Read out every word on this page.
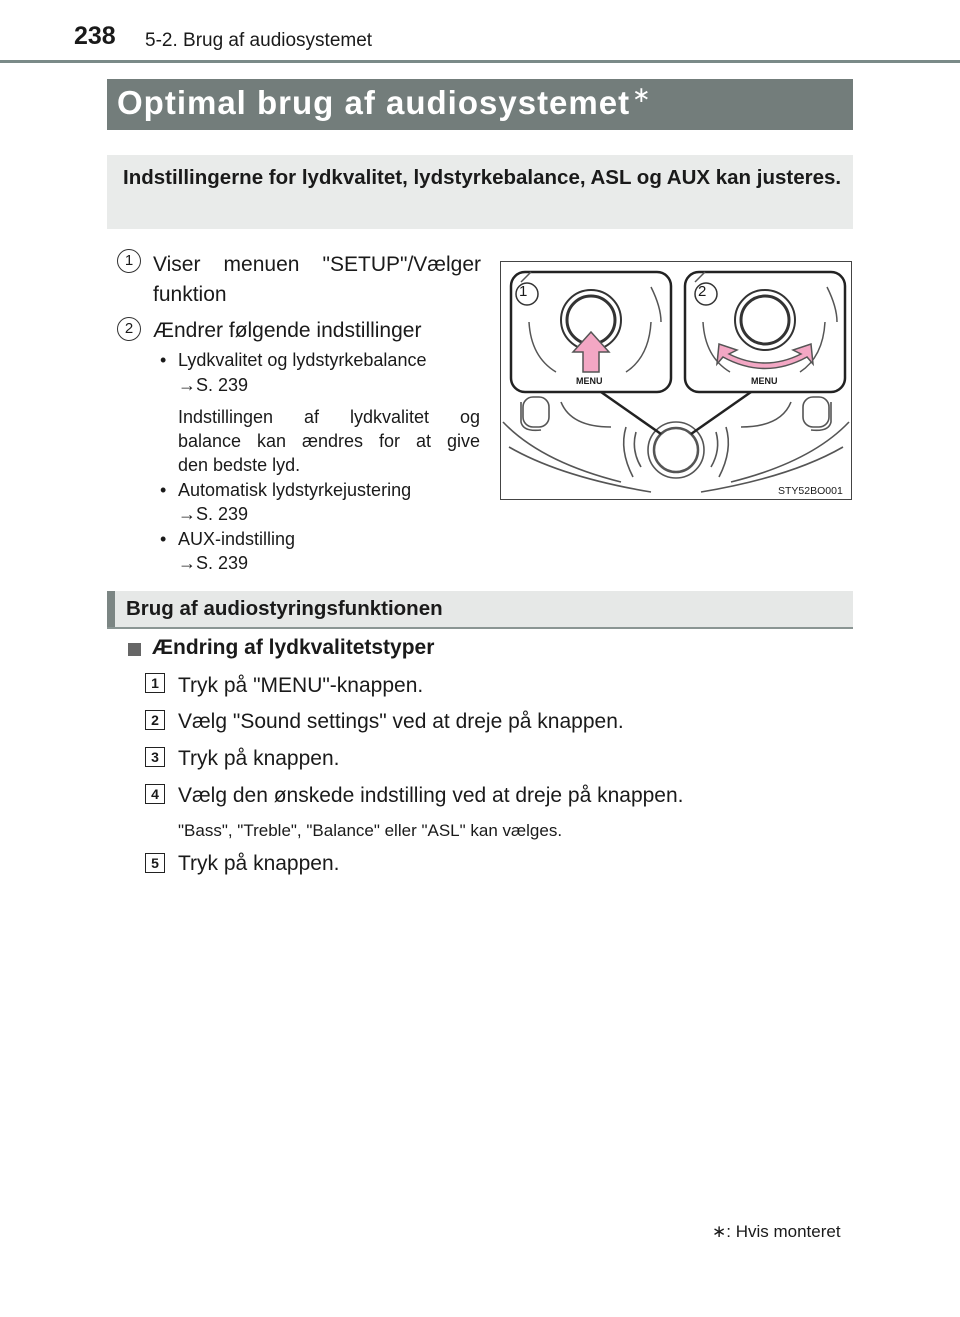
238 5-2. Brug af audiosystemet
Optimal brug af audiosystemet∗
Indstillingerne for lydkvalitet, lydstyrkebalance, ASL og AUX kan justeres.
1 Viser menuen "SETUP"/Vælger
funktion
2 Ændrer følgende indstillinger
• Lydkvalitet og lydstyrkebalance
→S. 239
Indstillingen af lydkvalitet og
balance kan ændres for at give
den bedste lyd.
• Automatisk lydstyrkejustering
→S. 239
• AUX-indstilling
→S. 239
1	2
MENU	MENU
STY52BO001
Brug af audiostyringsfunktionen
Ændring af lydkvalitetstyper
1 Tryk på "MENU"-knappen.
2 Vælg "Sound settings" ved at dreje på knappen.
3 Tryk på knappen.
4 Vælg den ønskede indstilling ved at dreje på knappen.
"Bass", "Treble", "Balance" eller "ASL" kan vælges.
5 Tryk på knappen.
∗: Hvis monteret
